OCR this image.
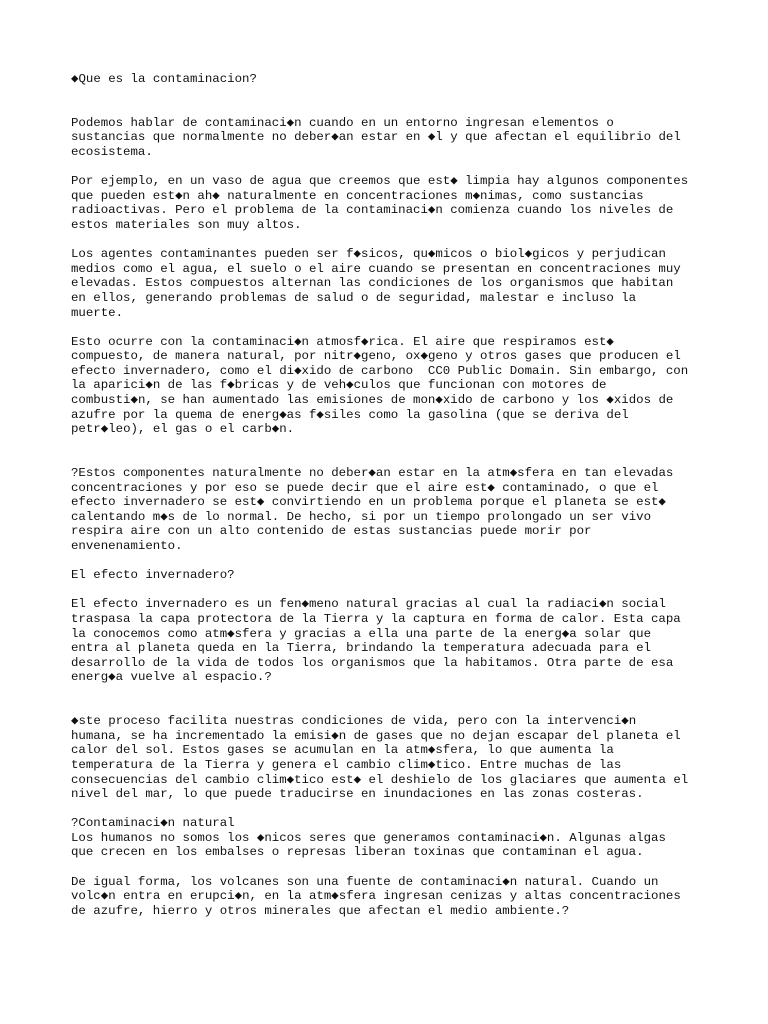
◆Que es la contaminacion?

Podemos hablar de contaminaci◆n cuando en un entorno ingresan elementos o
sustancias que normalmente no deber◆an estar en ◆l y que afectan el equilibrio del
ecosistema.

Por ejemplo, en un vaso de agua que creemos que est◆ limpia hay algunos componentes
que pueden est◆n ah◆ naturalmente en concentraciones m◆nimas, como sustancias
radioactivas. Pero el problema de la contaminaci◆n comienza cuando los niveles de
estos materiales son muy altos.

Los agentes contaminantes pueden ser f◆sicos, qu◆micos o biol◆gicos y perjudican
medios como el agua, el suelo o el aire cuando se presentan en concentraciones muy
elevadas. Estos compuestos alternan las condiciones de los organismos que habitan
en ellos, generando problemas de salud o de seguridad, malestar e incluso la
muerte.

Esto ocurre con la contaminaci◆n atmosf◆rica. El aire que respiramos est◆
compuesto, de manera natural, por nitr◆geno, ox◆geno y otros gases que producen el
efecto invernadero, como el di◆xido de carbono  CC0 Public Domain. Sin embargo, con
la aparici◆n de las f◆bricas y de veh◆culos que funcionan con motores de
combusti◆n, se han aumentado las emisiones de mon◆xido de carbono y los ◆xidos de
azufre por la quema de energ◆as f◆siles como la gasolina (que se deriva del
petr◆leo), el gas o el carb◆n.

?Estos componentes naturalmente no deber◆an estar en la atm◆sfera en tan elevadas
concentraciones y por eso se puede decir que el aire est◆ contaminado, o que el
efecto invernadero se est◆ convirtiendo en un problema porque el planeta se est◆
calentando m◆s de lo normal. De hecho, si por un tiempo prolongado un ser vivo
respira aire con un alto contenido de estas sustancias puede morir por
envenenamiento.

El efecto invernadero?

El efecto invernadero es un fen◆meno natural gracias al cual la radiaci◆n social
traspasa la capa protectora de la Tierra y la captura en forma de calor. Esta capa
la conocemos como atm◆sfera y gracias a ella una parte de la energ◆a solar que
entra al planeta queda en la Tierra, brindando la temperatura adecuada para el
desarrollo de la vida de todos los organismos que la habitamos. Otra parte de esa
energ◆a vuelve al espacio.?

◆ste proceso facilita nuestras condiciones de vida, pero con la intervenci◆n
humana, se ha incrementado la emisi◆n de gases que no dejan escapar del planeta el
calor del sol. Estos gases se acumulan en la atm◆sfera, lo que aumenta la
temperatura de la Tierra y genera el cambio clim◆tico. Entre muchas de las
consecuencias del cambio clim◆tico est◆ el deshielo de los glaciares que aumenta el
nivel del mar, lo que puede traducirse en inundaciones en las zonas costeras.

?Contaminaci◆n natural
Los humanos no somos los ◆nicos seres que generamos contaminaci◆n. Algunas algas
que crecen en los embalses o represas liberan toxinas que contaminan el agua.

De igual forma, los volcanes son una fuente de contaminaci◆n natural. Cuando un
volc◆n entra en erupci◆n, en la atm◆sfera ingresan cenizas y altas concentraciones
de azufre, hierro y otros minerales que afectan el medio ambiente.?
